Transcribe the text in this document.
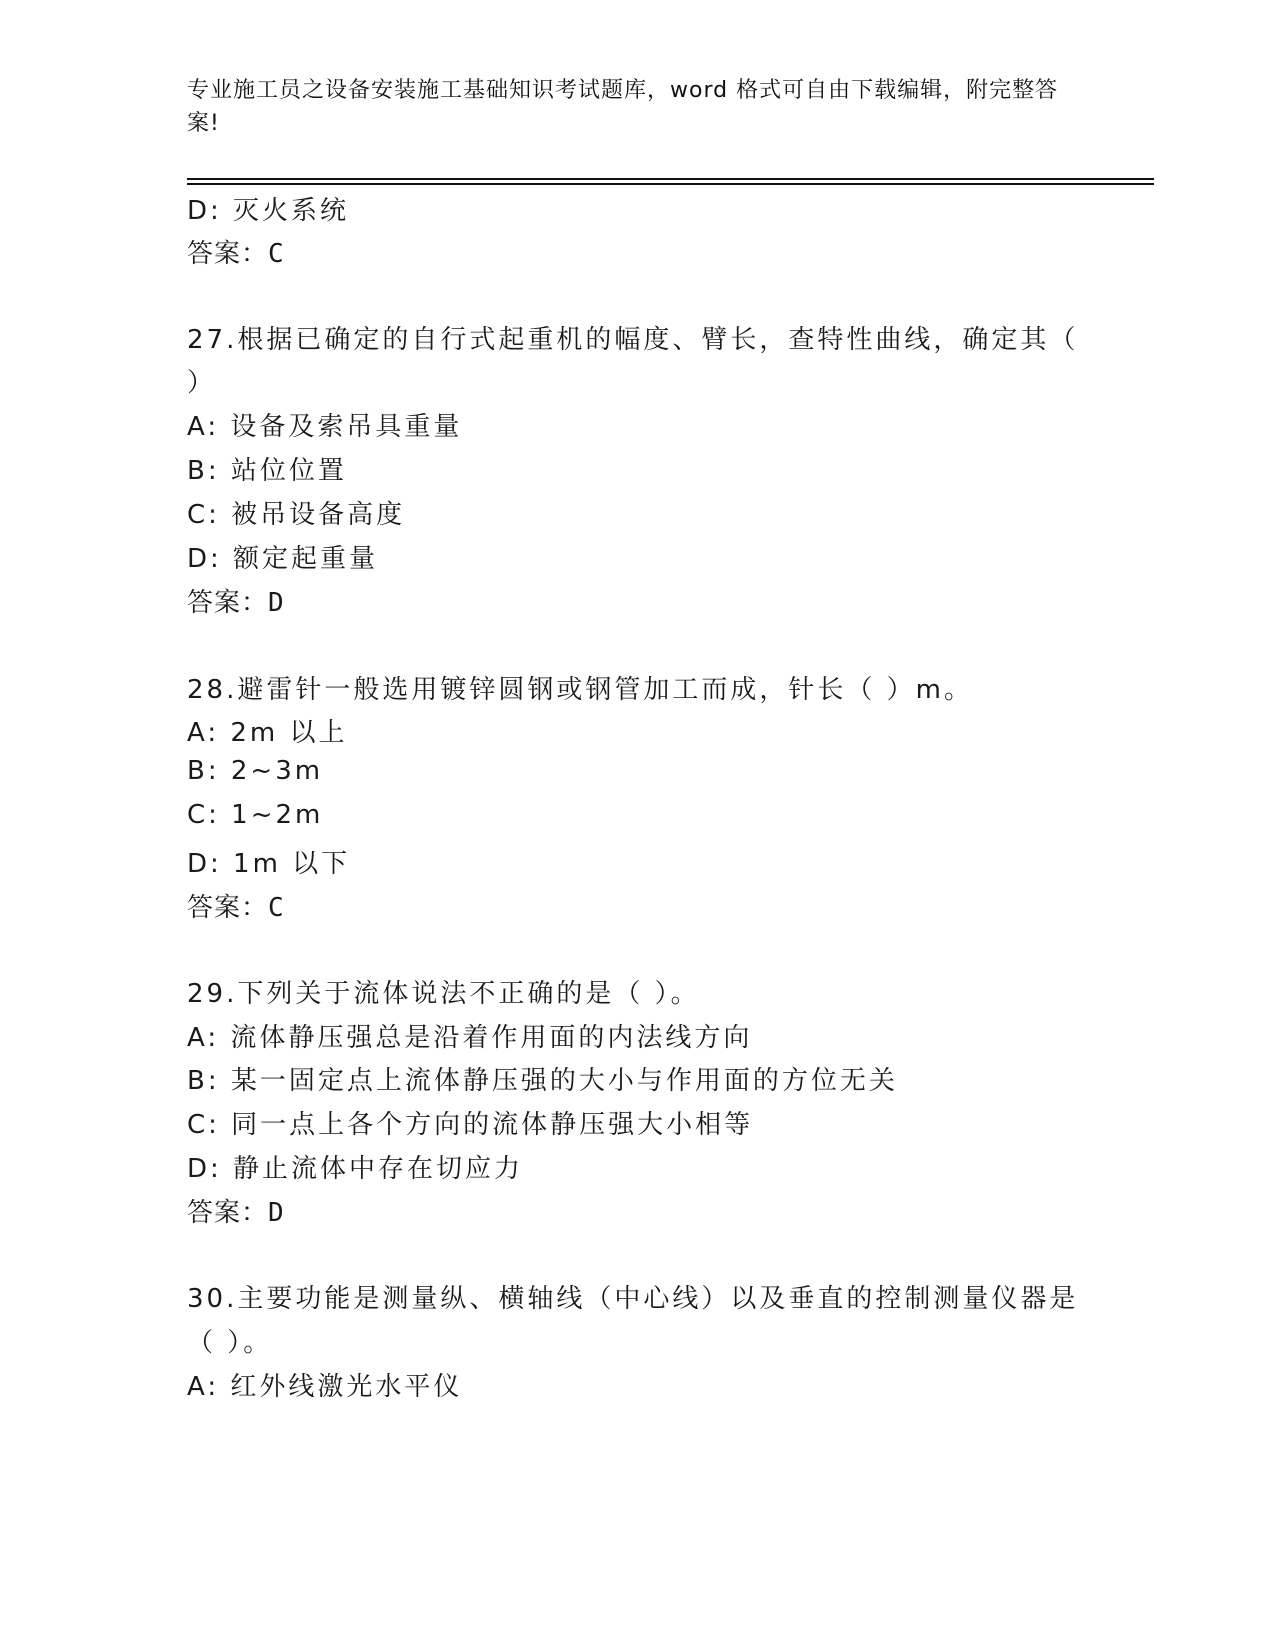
专业施工员之设备安装施工基础知识考试题库，word 格式可自由下载编辑，附完整答案!
D: 灭火系统
答案：C
27.根据已确定的自行式起重机的幅度、臂长，查特性曲线，确定其（
）
A: 设备及索吊具重量
B: 站位位置
C: 被吊设备高度
D: 额定起重量
答案：D
28.避雷针一般选用镀锌圆钢或钢管加工而成，针长（ ）m。
A: 2m 以上
B: 2~3m
C: 1~2m
D: 1m 以下
答案：C
29.下列关于流体说法不正确的是（ ）。
A: 流体静压强总是沿着作用面的内法线方向
B: 某一固定点上流体静压强的大小与作用面的方位无关
C: 同一点上各个方向的流体静压强大小相等
D: 静止流体中存在切应力
答案：D
30.主要功能是测量纵、横轴线（中心线）以及垂直的控制测量仪器是
（ ）。
A: 红外线激光水平仪
